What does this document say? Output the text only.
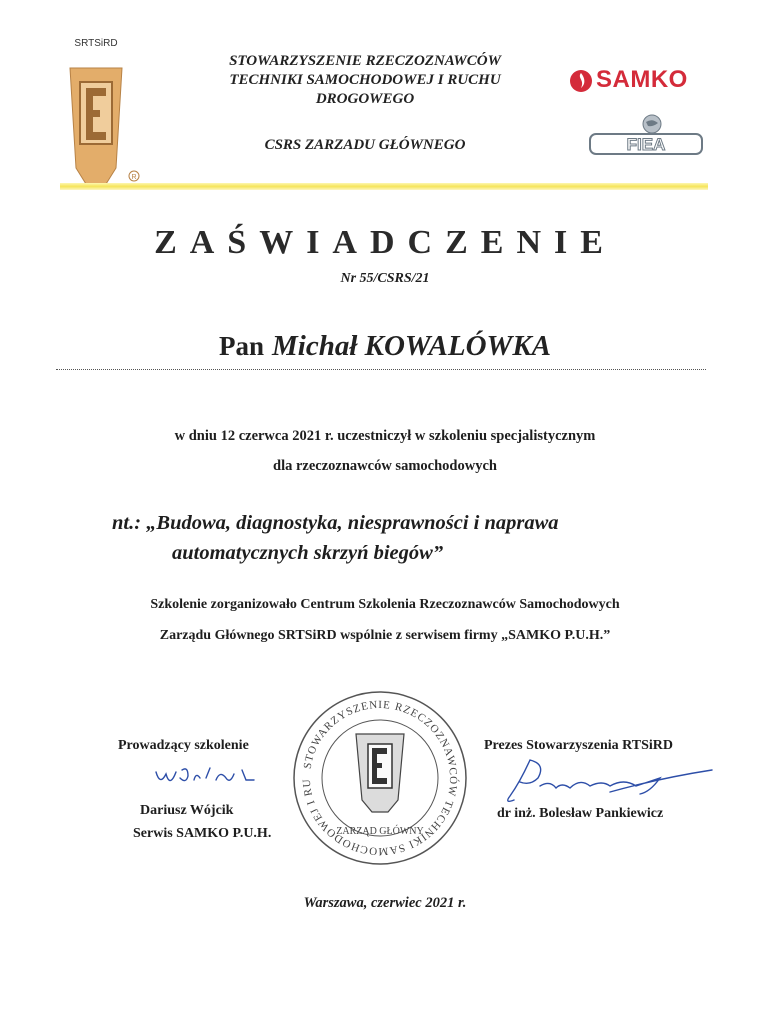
SRTSiRD
R
STOWARZYSZENIE RZECZOZNAWCÓW
TECHNIKI SAMOCHODOWEJ I RUCHU
DROGOWEGO
CSRS ZARZADU GŁÓWNEGO
SAMKO
FIEA
ZAŚWIADCZENIE
Nr 55/CSRS/21
Pan Michał KOWALÓWKA
w dniu 12 czerwca 2021 r. uczestniczył w szkoleniu specjalistycznym
dla rzeczoznawców samochodowych
nt.: „Budowa, diagnostyka, niesprawności i naprawa
automatycznych skrzyń biegów”
Szkolenie zorganizowało Centrum Szkolenia Rzeczoznawców Samochodowych
Zarządu Głównego SRTSiRD wspólnie z serwisem firmy „SAMKO P.U.H.”
STOWARZYSZENIE RZECZOZNAWCÓW TECHNIKI SAMOCHODOWEJ I RU
ZARZĄD GŁÓWNY
Prowadzący szkolenie
Dariusz Wójcik
Serwis SAMKO P.U.H.
Prezes Stowarzyszenia RTSiRD
dr inż. Bolesław Pankiewicz
Warszawa, czerwiec 2021 r.
